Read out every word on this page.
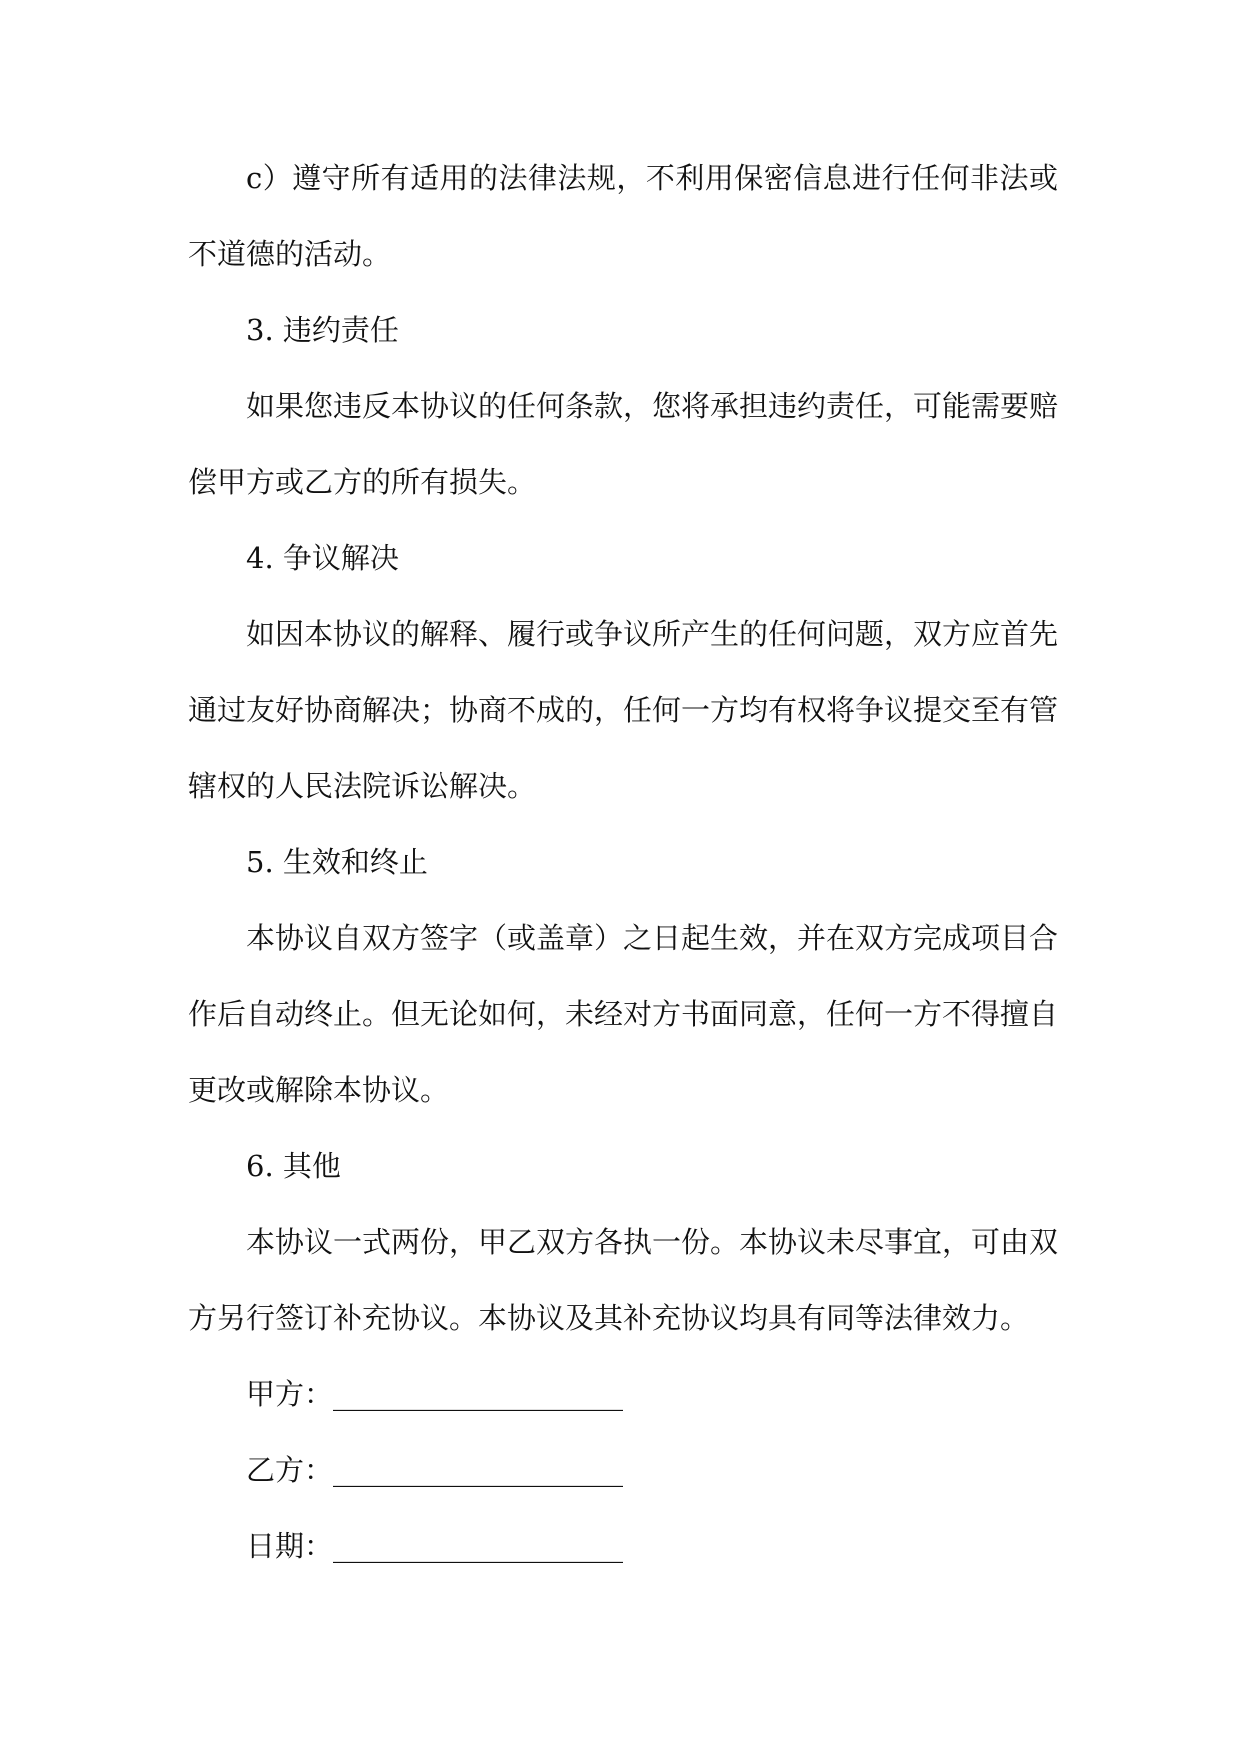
c）遵守所有适用的法律法规，不利用保密信息进行任何非法或不道德的活动。

3. 违约责任

如果您违反本协议的任何条款，您将承担违约责任，可能需要赔偿甲方或乙方的所有损失。

4. 争议解决

如因本协议的解释、履行或争议所产生的任何问题，双方应首先通过友好协商解决；协商不成的，任何一方均有权将争议提交至有管辖权的人民法院诉讼解决。

5. 生效和终止

本协议自双方签字（或盖章）之日起生效，并在双方完成项目合作后自动终止。但无论如何，未经对方书面同意，任何一方不得擅自更改或解除本协议。

6. 其他

本协议一式两份，甲乙双方各执一份。本协议未尽事宜，可由双方另行签订补充协议。本协议及其补充协议均具有同等法律效力。

甲方：____________________

乙方：____________________

日期：____________________
